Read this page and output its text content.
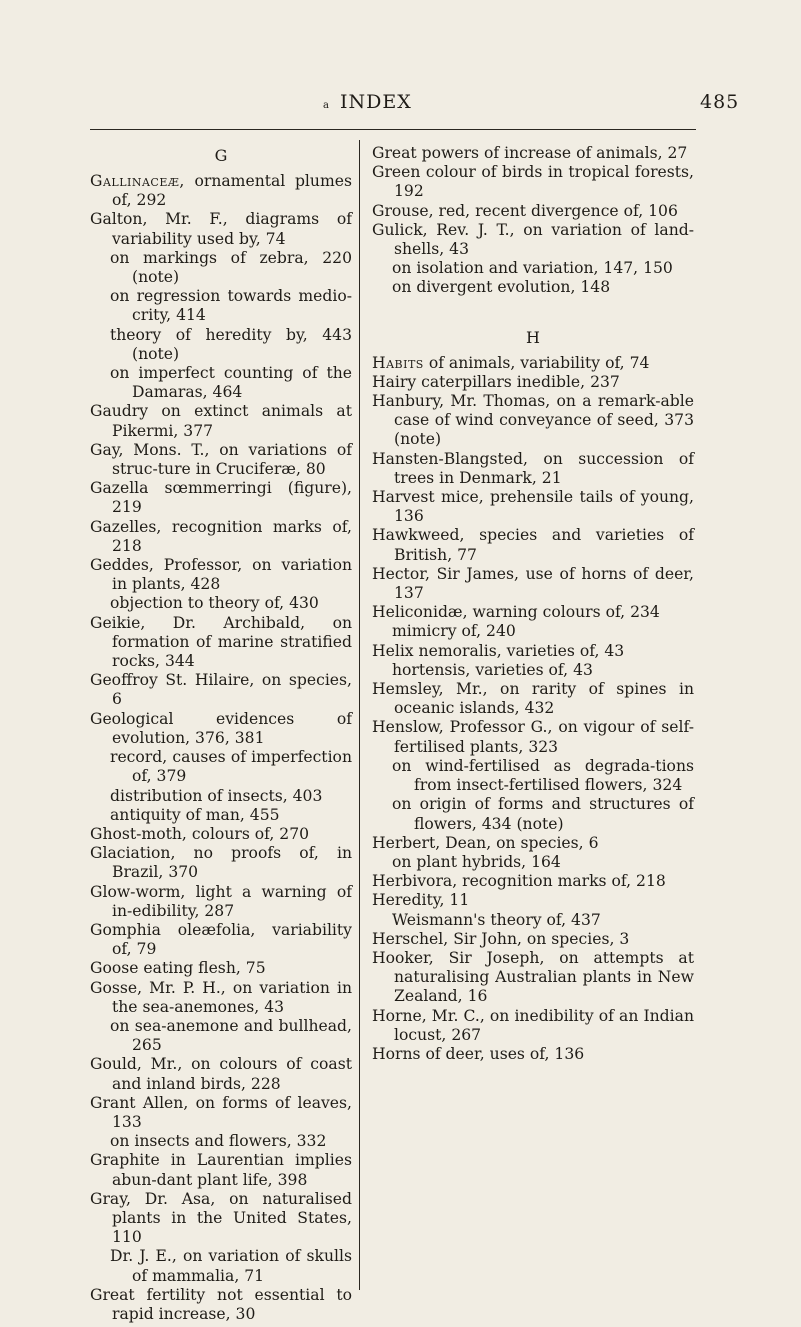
a INDEX	485
G
Gallinaceæ, ornamental plumes of, 292
Galton, Mr. F., diagrams of variability used by, 74
on markings of zebra, 220 (note)
on regression towards medio-crity, 414
theory of heredity by, 443 (note)
on imperfect counting of the Damaras, 464
Gaudry on extinct animals at Pikermi, 377
Gay, Mons. T., on variations of struc-ture in Cruciferæ, 80
Gazella sœmmerringi (figure), 219
Gazelles, recognition marks of, 218
Geddes, Professor, on variation in plants, 428
objection to theory of, 430
Geikie, Dr. Archibald, on formation of marine stratified rocks, 344
Geoffroy St. Hilaire, on species, 6
Geological evidences of evolution, 376, 381
record, causes of imperfection of, 379
distribution of insects, 403
antiquity of man, 455
Ghost-moth, colours of, 270
Glaciation, no proofs of, in Brazil, 370
Glow-worm, light a warning of in-edibility, 287
Gomphia oleæfolia, variability of, 79
Goose eating flesh, 75
Gosse, Mr. P. H., on variation in the sea-anemones, 43
on sea-anemone and bullhead, 265
Gould, Mr., on colours of coast and inland birds, 228
Grant Allen, on forms of leaves, 133
on insects and flowers, 332
Graphite in Laurentian implies abun-dant plant life, 398
Gray, Dr. Asa, on naturalised plants in the United States, 110
Dr. J. E., on variation of skulls of mammalia, 71
Great fertility not essential to rapid increase, 30
Great powers of increase of animals, 27
Green colour of birds in tropical forests, 192
Grouse, red, recent divergence of, 106
Gulick, Rev. J. T., on variation of land-shells, 43
on isolation and variation, 147, 150
on divergent evolution, 148
H
Habits of animals, variability of, 74
Hairy caterpillars inedible, 237
Hanbury, Mr. Thomas, on a remark-able case of wind conveyance of seed, 373 (note)
Hansten-Blangsted, on succession of trees in Denmark, 21
Harvest mice, prehensile tails of young, 136
Hawkweed, species and varieties of British, 77
Hector, Sir James, use of horns of deer, 137
Heliconidæ, warning colours of, 234
mimicry of, 240
Helix nemoralis, varieties of, 43
hortensis, varieties of, 43
Hemsley, Mr., on rarity of spines in oceanic islands, 432
Henslow, Professor G., on vigour of self-fertilised plants, 323
on wind-fertilised as degrada-tions from insect-fertilised flowers, 324
on origin of forms and structures of flowers, 434 (note)
Herbert, Dean, on species, 6
on plant hybrids, 164
Herbivora, recognition marks of, 218
Heredity, 11
Weismann's theory of, 437
Herschel, Sir John, on species, 3
Hooker, Sir Joseph, on attempts at naturalising Australian plants in New Zealand, 16
Horne, Mr. C., on inedibility of an Indian locust, 267
Horns of deer, uses of, 136
